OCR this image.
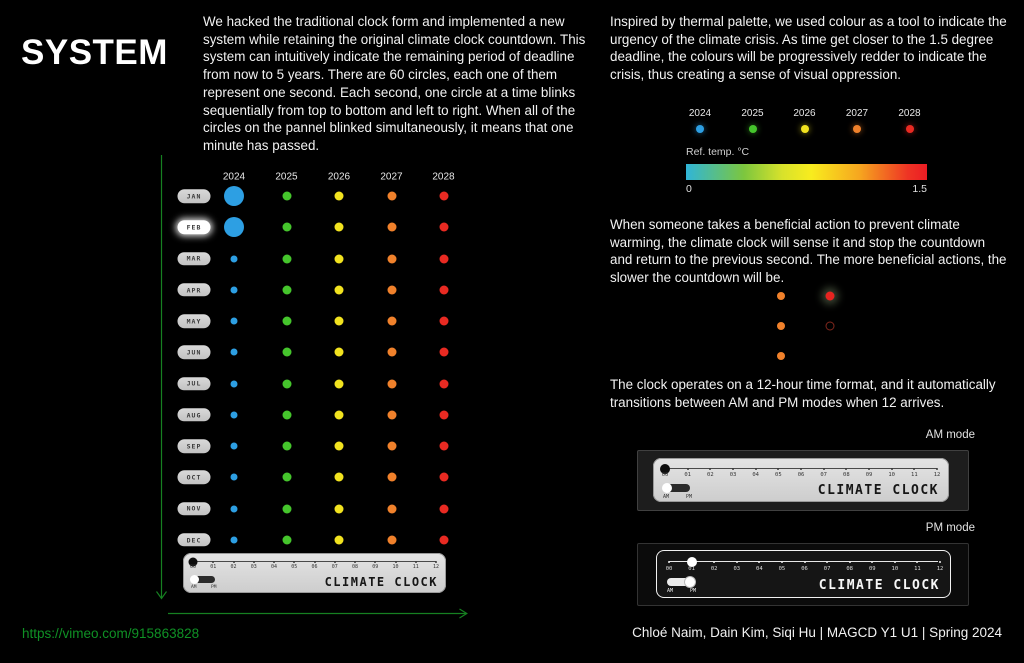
SYSTEM

We hacked the traditional clock form and implemented a new system while retaining the original climate clock countdown. This system can intuitively indicate the remaining period of deadline from now to 5 years. There are 60 circles, each one of them represent one second. Each second, one circle at a time blinks sequentially from top to bottom and left to right. When all of the circles on the pannel blinked simultaneously, it means that one minute has passed.

Inspired by thermal palette, we used colour as a tool to indicate the urgency of the climate crisis. As time get closer to the 1.5 degree deadline, the colours will be progressively redder to indicate the crisis, thus creating a sense of visual oppression.

2024	2025	2026	2027	2028
Ref. temp. °C
0	1.5

When someone takes a beneficial action to prevent climate warming, the climate clock will sense it and stop the countdown and return to the previous second. The more beneficial actions, the slower the countdown will be.

The clock operates on a 12-hour time format, and it automatically transitions between AM and PM modes when 12 arrives.

AM mode
00	01	02	03	04	05	06	07	08	09	10	11	12
AM	PM	CLIMATE CLOCK
PM mode
00	01	02	03	04	05	06	07	08	09	10	11	12
AM	PM	CLIMATE CLOCK
2024	2025	2026	2027	2028
JAN
FEB
MAR
APR
MAY
JUN
JUL
AUG
SEP
OCT
NOV
DEC
00	01	02	03	04	05	06	07	08	09	10	11	12
AM	PM	CLIMATE CLOCK
https://vimeo.com/915863828	Chloé Naim, Dain Kim, Siqi Hu | MAGCD Y1 U1 | Spring 2024
